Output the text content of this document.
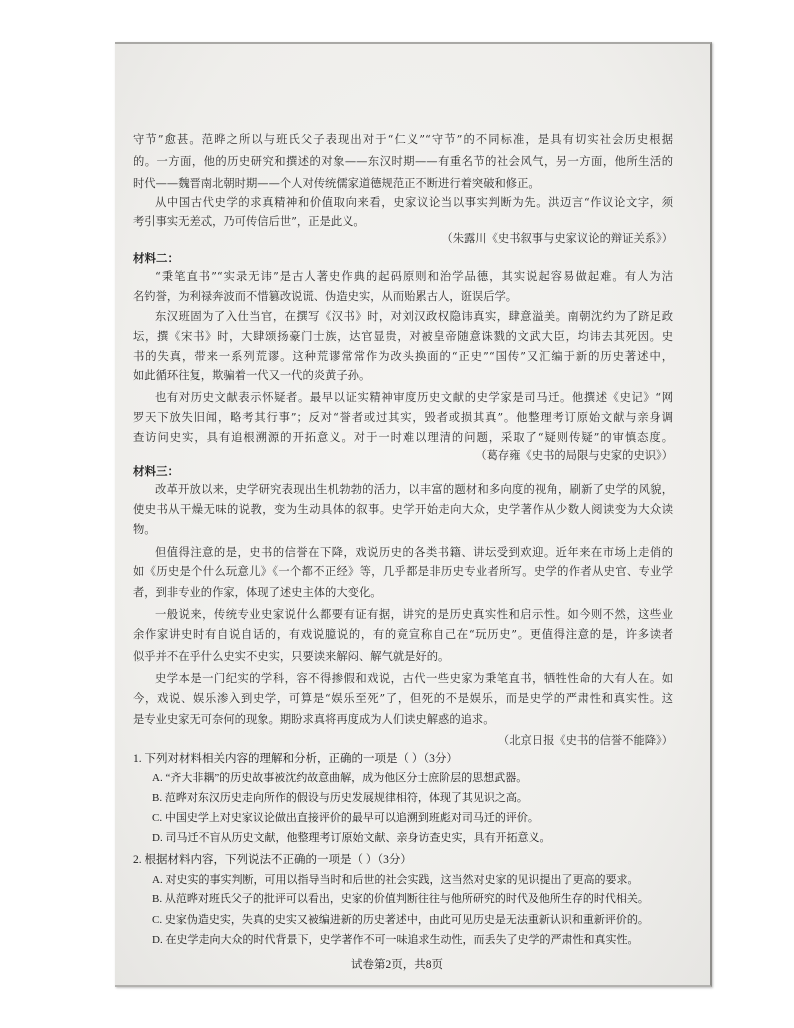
守节”愈甚。范晔之所以与班氏父子表现出对于“仁义”“守节”的不同标准，是具有切实社会历史根据
的。一方面，他的历史研究和撰述的对象——东汉时期——有重名节的社会风气，另一方面，他所生活的
时代——魏晋南北朝时期——个人对传统儒家道德规范正不断进行着突破和修正。
从中国古代史学的求真精神和价值取向来看，史家议论当以事实判断为先。洪迈言“作议论文字，须
考引事实无差忒，乃可传信后世”，正是此义。
（朱露川《史书叙事与史家议论的辩证关系》）
材料二：
“秉笔直书”“实录无讳”是古人著史作典的起码原则和治学品德，其实说起容易做起难。有人为沽
名钓誉，为利禄奔波而不惜篡改说谎、伪造史实，从而贻累古人，诳误后学。
东汉班固为了入仕当官，在撰写《汉书》时，对刘汉政权隐讳真实，肆意溢美。南朝沈约为了跻足政
坛，撰《宋书》时，大肆颂扬豪门士族，达官显贵，对被皇帝随意诛戮的文武大臣，均讳去其死因。史
书的失真，带来一系列荒谬。这种荒谬常常作为改头换面的“正史”“国传”又汇编于新的历史著述中，
如此循环往复，欺骗着一代又一代的炎黄子孙。
也有对历史文献表示怀疑者。最早以证实精神审度历史文献的史学家是司马迁。他撰述《史记》“网
罗天下放失旧闻，略考其行事”；反对“誉者或过其实，毁者或损其真”。他整理考订原始文献与亲身调
查访问史实，具有追根溯源的开拓意义。对于一时难以理清的问题，采取了“疑则传疑”的审慎态度。
（葛存雍《史书的局限与史家的史识》）
材料三：
改革开放以来，史学研究表现出生机勃勃的活力，以丰富的题材和多向度的视角，刷新了史学的风貌，
使史书从干燥无味的说教，变为生动具体的叙事。史学开始走向大众，史学著作从少数人阅读变为大众读
物。
但值得注意的是，史书的信誉在下降，戏说历史的各类书籍、讲坛受到欢迎。近年来在市场上走俏的
如《历史是个什么玩意儿》《一个都不正经》等，几乎都是非历史专业者所写。史学的作者从史官、专业学
者，到非专业的作家，体现了述史主体的大变化。
一般说来，传统专业史家说什么都要有证有据，讲究的是历史真实性和启示性。如今则不然，这些业
余作家讲史时有自说自话的，有戏说臆说的，有的竟宣称自己在“玩历史”。更值得注意的是，许多读者
似乎并不在乎什么史实不史实，只要读来解闷、解气就是好的。
史学本是一门纪实的学科，容不得掺假和戏说，古代一些史家为秉笔直书，牺牲性命的大有人在。如
今，戏说、娱乐渗入到史学，可算是“娱乐至死”了，但死的不是娱乐，而是史学的严肃性和真实性。这
是专业史家无可奈何的现象。期盼求真将再度成为人们读史解惑的追求。
（北京日报《史书的信誉不能降》）
1. 下列对材料相关内容的理解和分析，正确的一项是（ ）（3分）
A. “齐大非耦”的历史故事被沈约故意曲解，成为他区分士庶阶层的思想武器。
B. 范晔对东汉历史走向所作的假设与历史发展规律相符，体现了其见识之高。
C. 中国史学上对史家议论做出直接评价的最早可以追溯到班彪对司马迁的评价。
D. 司马迁不盲从历史文献，他整理考订原始文献、亲身访查史实，具有开拓意义。
2. 根据材料内容，下列说法不正确的一项是（ ）（3分）
A. 对史实的事实判断，可用以指导当时和后世的社会实践，这当然对史家的见识提出了更高的要求。
B. 从范晔对班氏父子的批评可以看出，史家的价值判断往往与他所研究的时代及他所生存的时代相关。
C. 史家伪造史实，失真的史实又被编进新的历史著述中，由此可见历史是无法重新认识和重新评价的。
D. 在史学走向大众的时代背景下，史学著作不可一味追求生动性，而丢失了史学的严肃性和真实性。
试卷第2页，共8页
